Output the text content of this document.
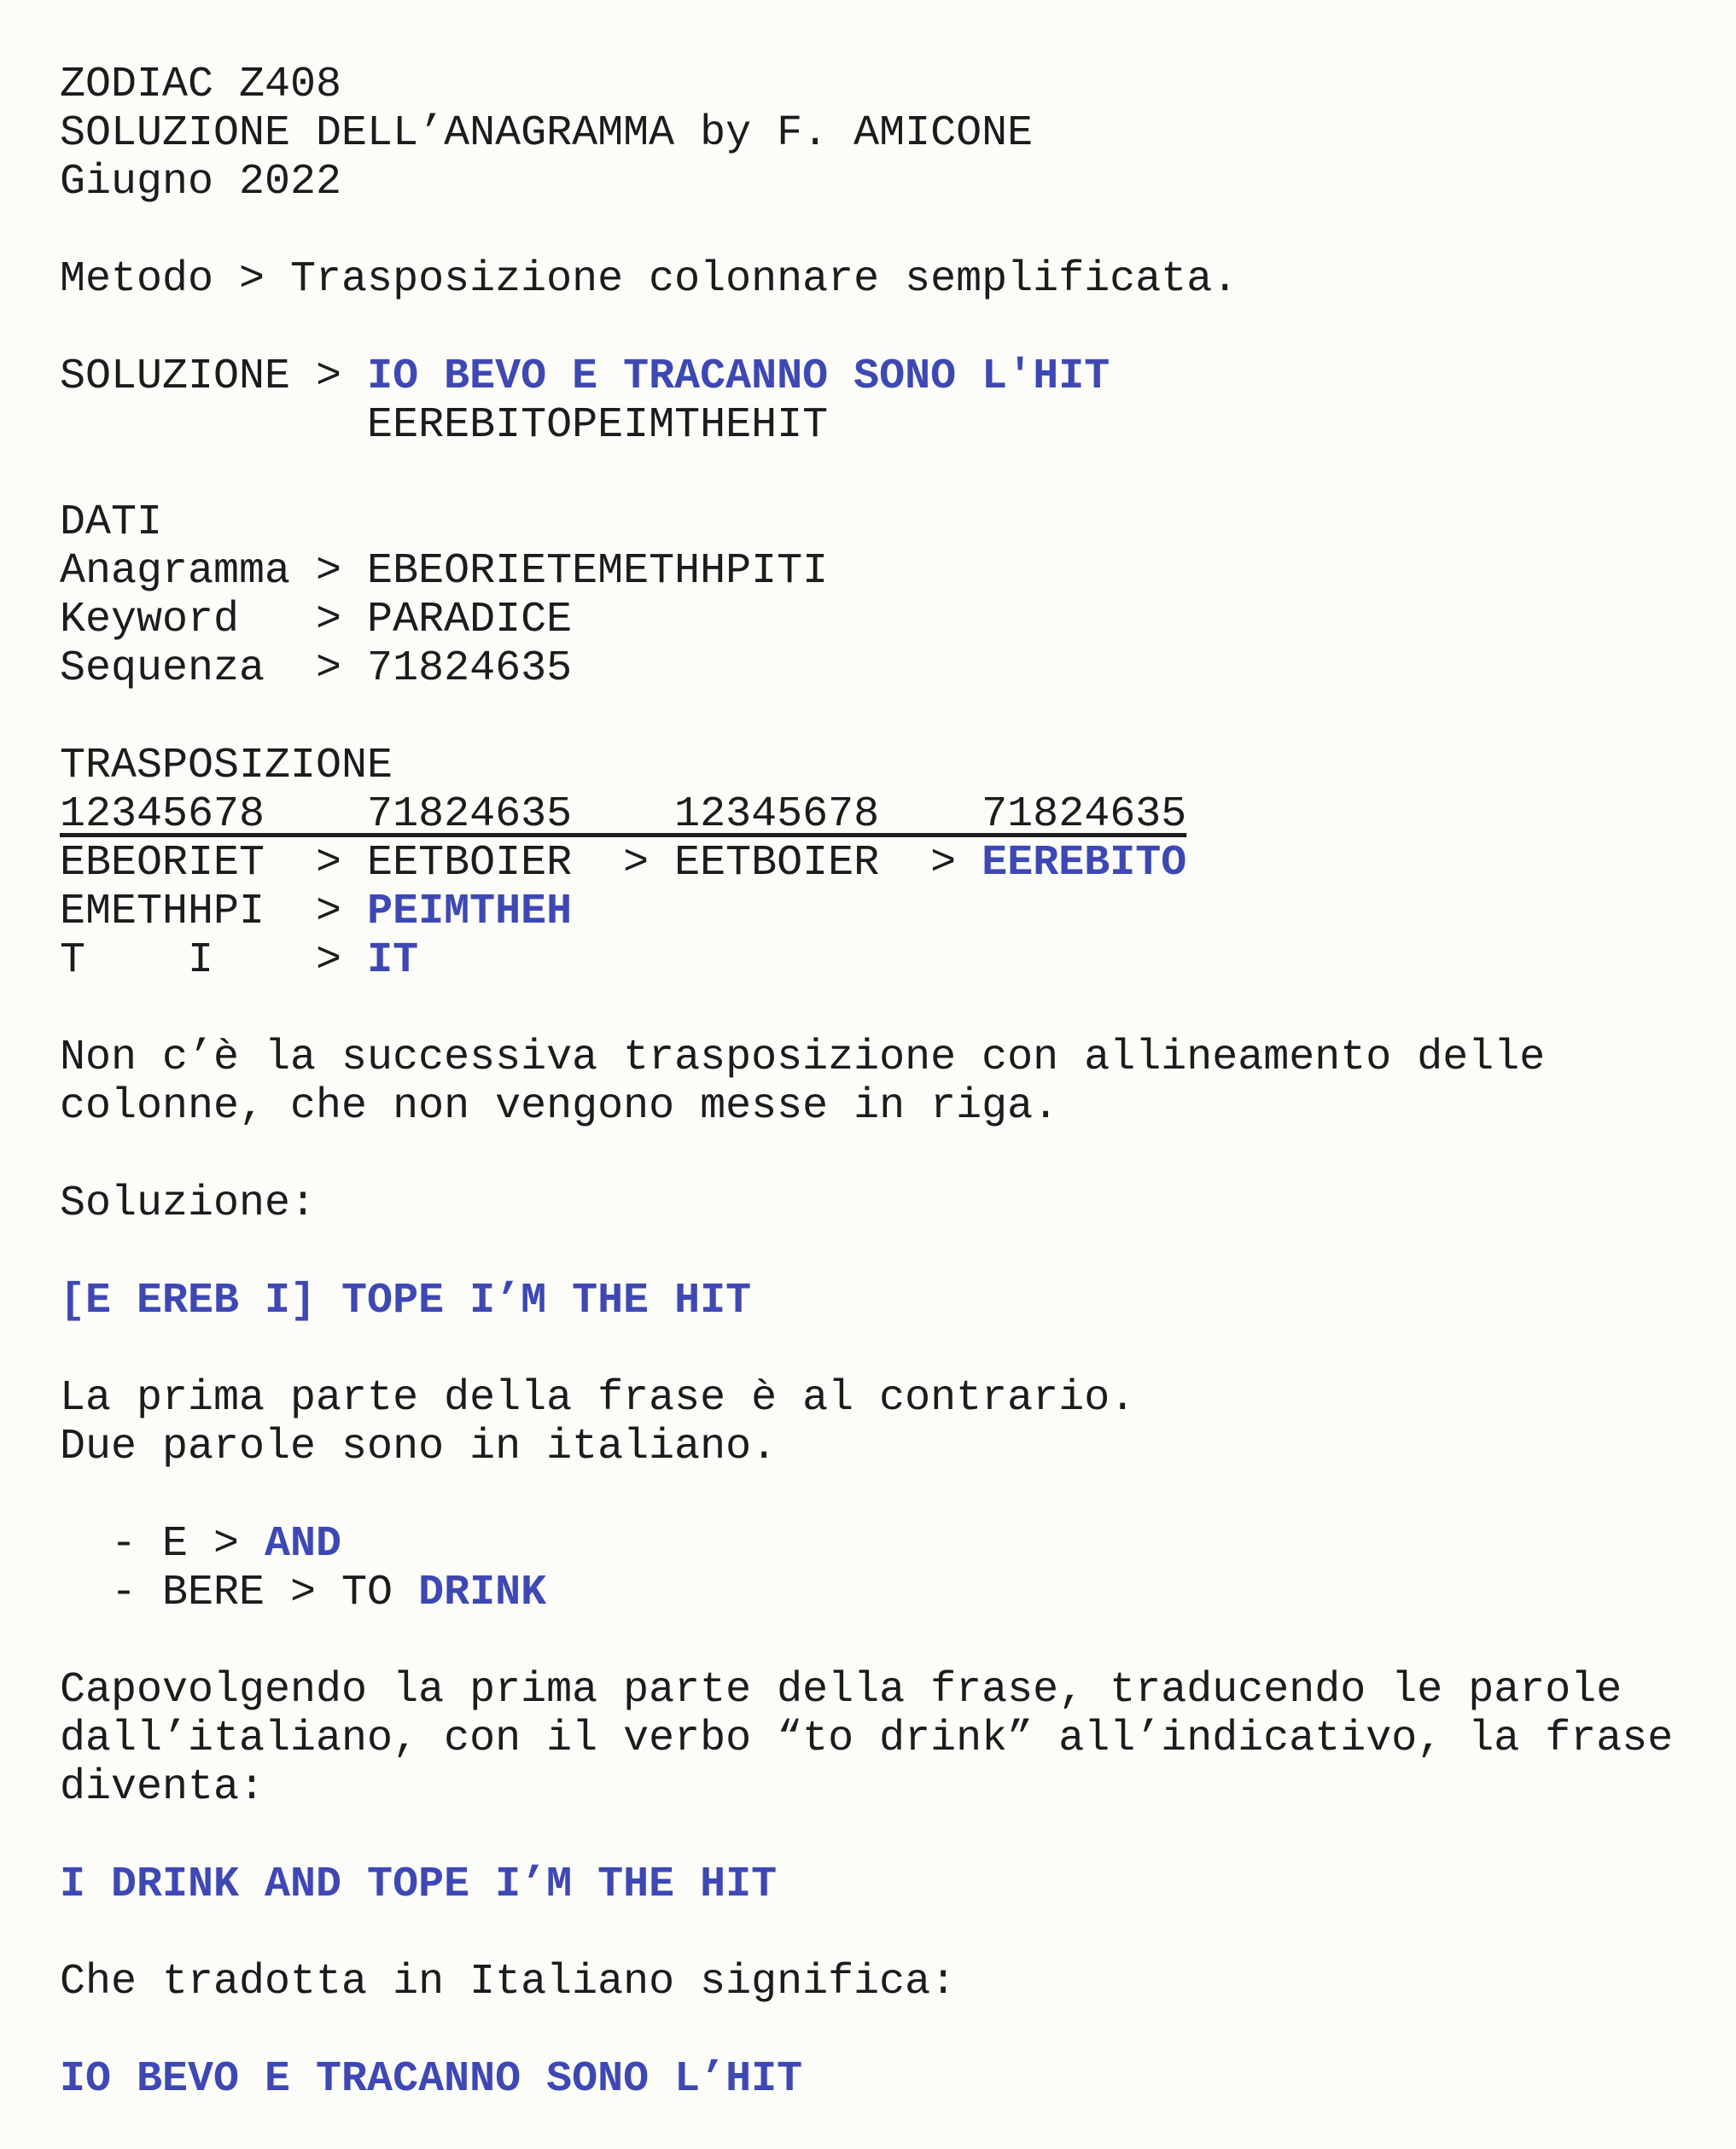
ZODIAC Z408
SOLUZIONE DELL’ANAGRAMMA by F. AMICONE
Giugno 2022

Metodo > Trasposizione colonnare semplificata.

SOLUZIONE > IO BEVO E TRACANNO SONO L'HIT
EEREBITOPEIMTHEHIT

DATI
Anagramma > EBEORIETEMETHHPITI
Keyword   > PARADICE
Sequenza  > 71824635

TRASPOSIZIONE
12345678    71824635    12345678    71824635
EBEORIET  > EETBOIER  > EETBOIER  > EEREBITO
EMETHHPI  > PEIMTHEH
T    I    > IT

Non c’è la successiva trasposizione con allineamento delle
colonne, che non vengono messe in riga.

Soluzione:

[E EREB I] TOPE I’M THE HIT

La prima parte della frase è al contrario.
Due parole sono in italiano.

- E > AND
- BERE > TO DRINK

Capovolgendo la prima parte della frase, traducendo le parole
dall’italiano, con il verbo “to drink” all’indicativo, la frase
diventa:

I DRINK AND TOPE I’M THE HIT

Che tradotta in Italiano significa:

IO BEVO E TRACANNO SONO L’HIT
